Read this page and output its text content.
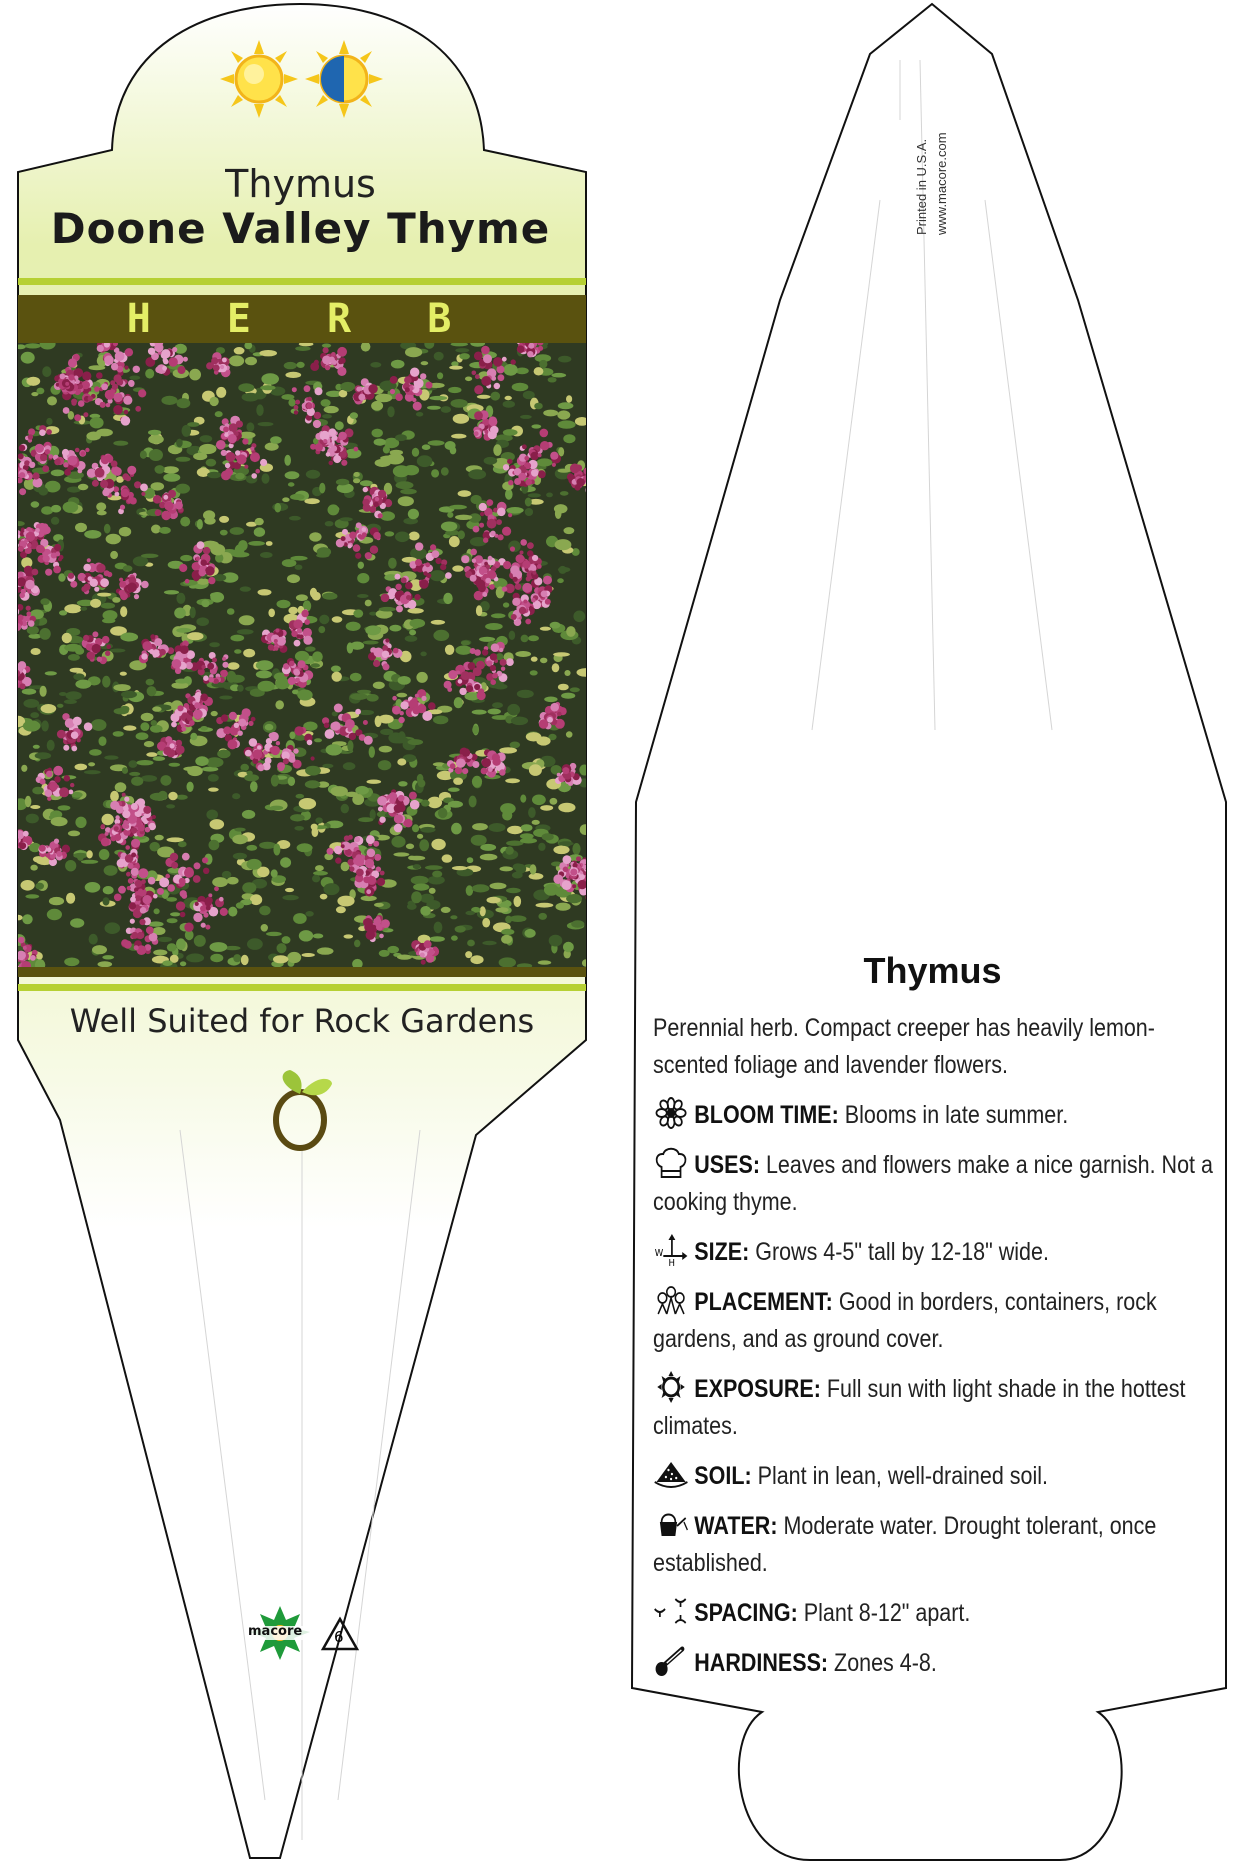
Thymus
Doone Valley Thyme
H E R B
Well Suited for Rock Gardens
macore 6
Printed in U.S.A. www.macore.com
Thymus

Perennial herb. Compact creeper has heavily lemon-scented foliage and lavender flowers.

BLOOM TIME: Blooms in late summer.

USES: Leaves and flowers make a nice garnish. Not a cooking thyme.

W
H SIZE: Grows 4-5" tall by 12-18" wide.

PLACEMENT: Good in borders, containers, rock gardens, and as ground cover.

EXPOSURE: Full sun with light shade in the hottest climates.

SOIL: Plant in lean, well-drained soil.

WATER: Moderate water. Drought tolerant, once established.

SPACING: Plant 8-12" apart.

HARDINESS: Zones 4-8.
